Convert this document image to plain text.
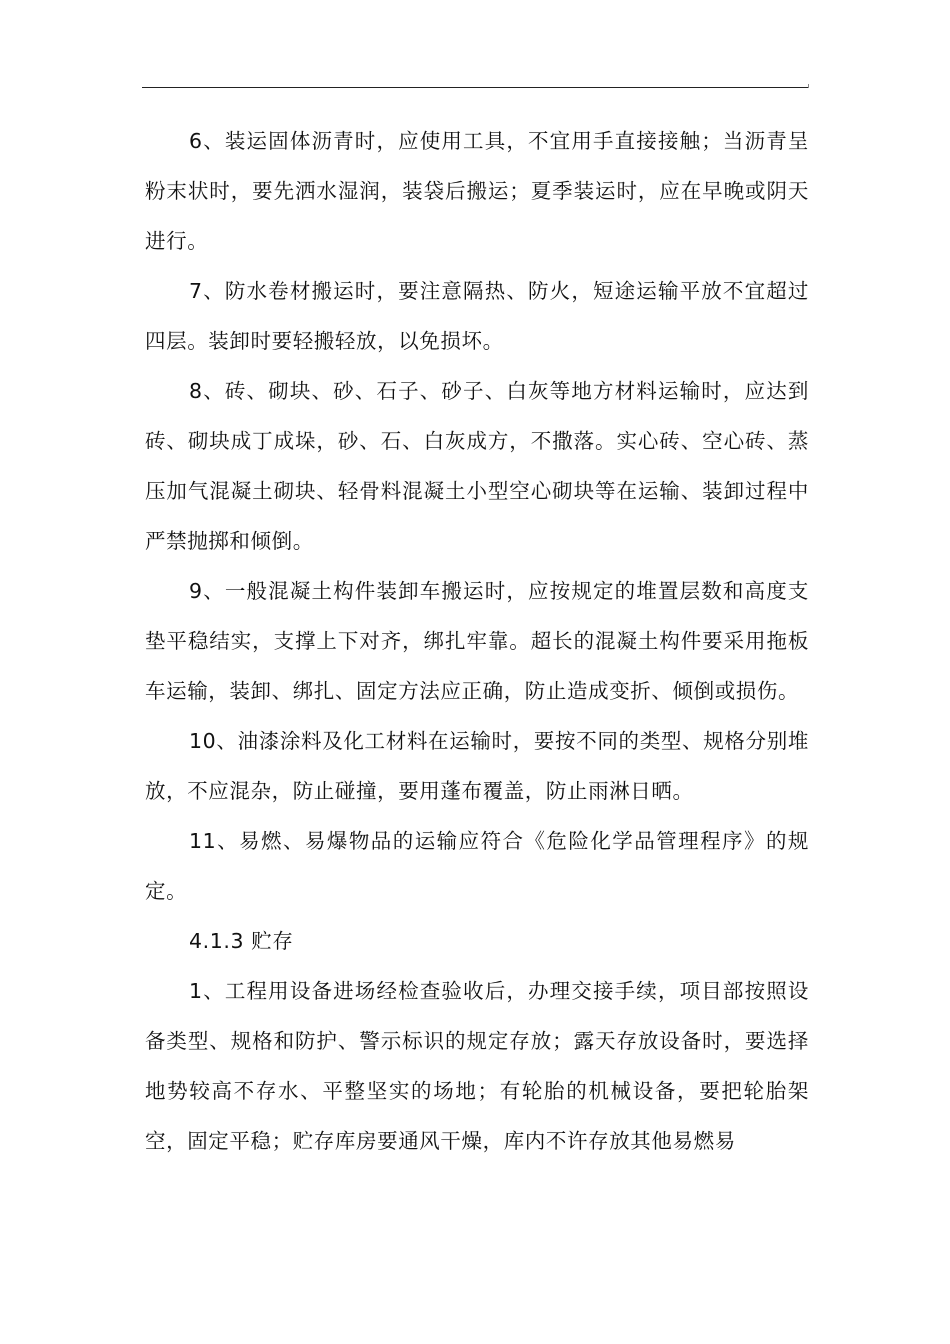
6、装运固体沥青时，应使用工具，不宜用手直接接触；当沥青呈粉末状时，要先洒水湿润，装袋后搬运；夏季装运时，应在早晚或阴天进行。

7、防水卷材搬运时，要注意隔热、防火，短途运输平放不宜超过四层。装卸时要轻搬轻放，以免损坏。

8、砖、砌块、砂、石子、砂子、白灰等地方材料运输时，应达到砖、砌块成丁成垛，砂、石、白灰成方，不撒落。实心砖、空心砖、蒸压加气混凝土砌块、轻骨料混凝土小型空心砌块等在运输、装卸过程中严禁抛掷和倾倒。

9、一般混凝土构件装卸车搬运时，应按规定的堆置层数和高度支垫平稳结实，支撑上下对齐，绑扎牢靠。超长的混凝土构件要采用拖板车运输，装卸、绑扎、固定方法应正确，防止造成变折、倾倒或损伤。

10、油漆涂料及化工材料在运输时，要按不同的类型、规格分别堆放，不应混杂，防止碰撞，要用蓬布覆盖，防止雨淋日晒。

11、易燃、易爆物品的运输应符合《危险化学品管理程序》的规定。

4.1.3 贮存

1、工程用设备进场经检查验收后，办理交接手续，项目部按照设备类型、规格和防护、警示标识的规定存放；露天存放设备时，要选择地势较高不存水、平整坚实的场地；有轮胎的机械设备，要把轮胎架空，固定平稳；贮存库房要通风干燥，库内不许存放其他易燃易
